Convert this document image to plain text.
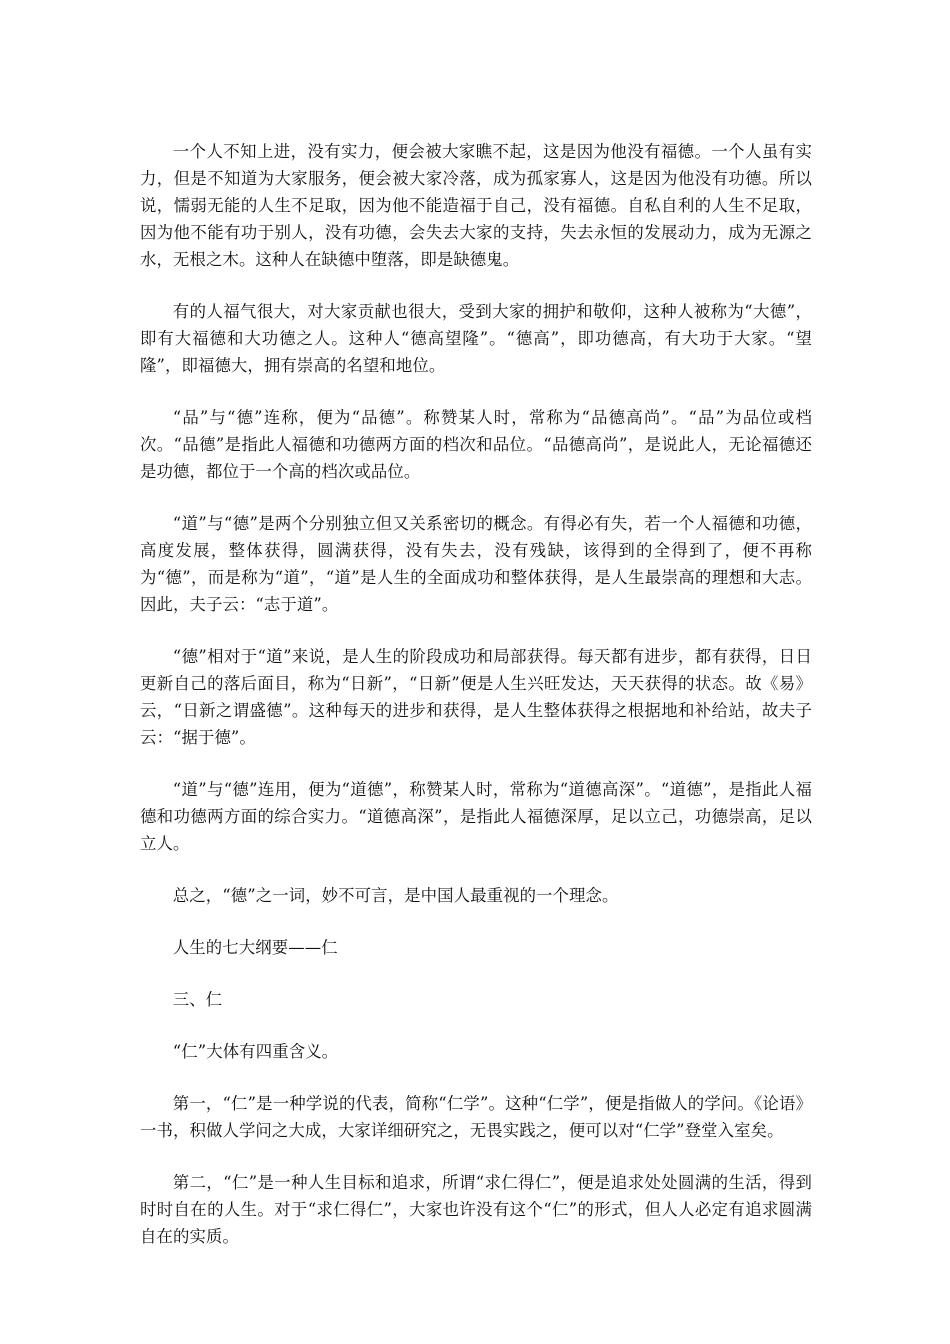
一个人不知上进，没有实力，便会被大家瞧不起，这是因为他没有福德。一个人虽有实力，但是不知道为大家服务，便会被大家冷落，成为孤家寡人，这是因为他没有功德。所以说，懦弱无能的人生不足取，因为他不能造福于自己，没有福德。自私自利的人生不足取，因为他不能有功于别人，没有功德，会失去大家的支持，失去永恒的发展动力，成为无源之水，无根之木。这种人在缺德中堕落，即是缺德鬼。

有的人福气很大，对大家贡献也很大，受到大家的拥护和敬仰，这种人被称为“大德”，即有大福德和大功德之人。这种人“德高望隆”。“德高”，即功德高，有大功于大家。“望隆”，即福德大，拥有崇高的名望和地位。

“品”与“德”连称，便为“品德”。称赞某人时，常称为“品德高尚”。“品”为品位或档次。“品德”是指此人福德和功德两方面的档次和品位。“品德高尚”，是说此人，无论福德还是功德，都位于一个高的档次或品位。

“道”与“德”是两个分别独立但又关系密切的概念。有得必有失，若一个人福德和功德，高度发展，整体获得，圆满获得，没有失去，没有残缺，该得到的全得到了，便不再称为“德”，而是称为“道”，“道”是人生的全面成功和整体获得，是人生最崇高的理想和大志。因此，夫子云：“志于道”。

“德”相对于“道”来说，是人生的阶段成功和局部获得。每天都有进步，都有获得，日日更新自己的落后面目，称为“日新”，“日新”便是人生兴旺发达，天天获得的状态。故《易》云，“日新之谓盛德”。这种每天的进步和获得，是人生整体获得之根据地和补给站，故夫子云：“据于德”。

“道”与“德”连用，便为“道德”，称赞某人时，常称为“道德高深”。“道德”，是指此人福德和功德两方面的综合实力。“道德高深”，是指此人福德深厚，足以立己，功德崇高，足以立人。

总之，“德”之一词，妙不可言，是中国人最重视的一个理念。

人生的七大纲要——仁

三、仁

“仁”大体有四重含义。

第一，“仁”是一种学说的代表，简称“仁学”。这种“仁学”，便是指做人的学问。《论语》一书，积做人学问之大成，大家详细研究之，无畏实践之，便可以对“仁学”登堂入室矣。

第二，“仁”是一种人生目标和追求，所谓“求仁得仁”，便是追求处处圆满的生活，得到时时自在的人生。对于“求仁得仁”，大家也许没有这个“仁”的形式，但人人必定有追求圆满自在的实质。
